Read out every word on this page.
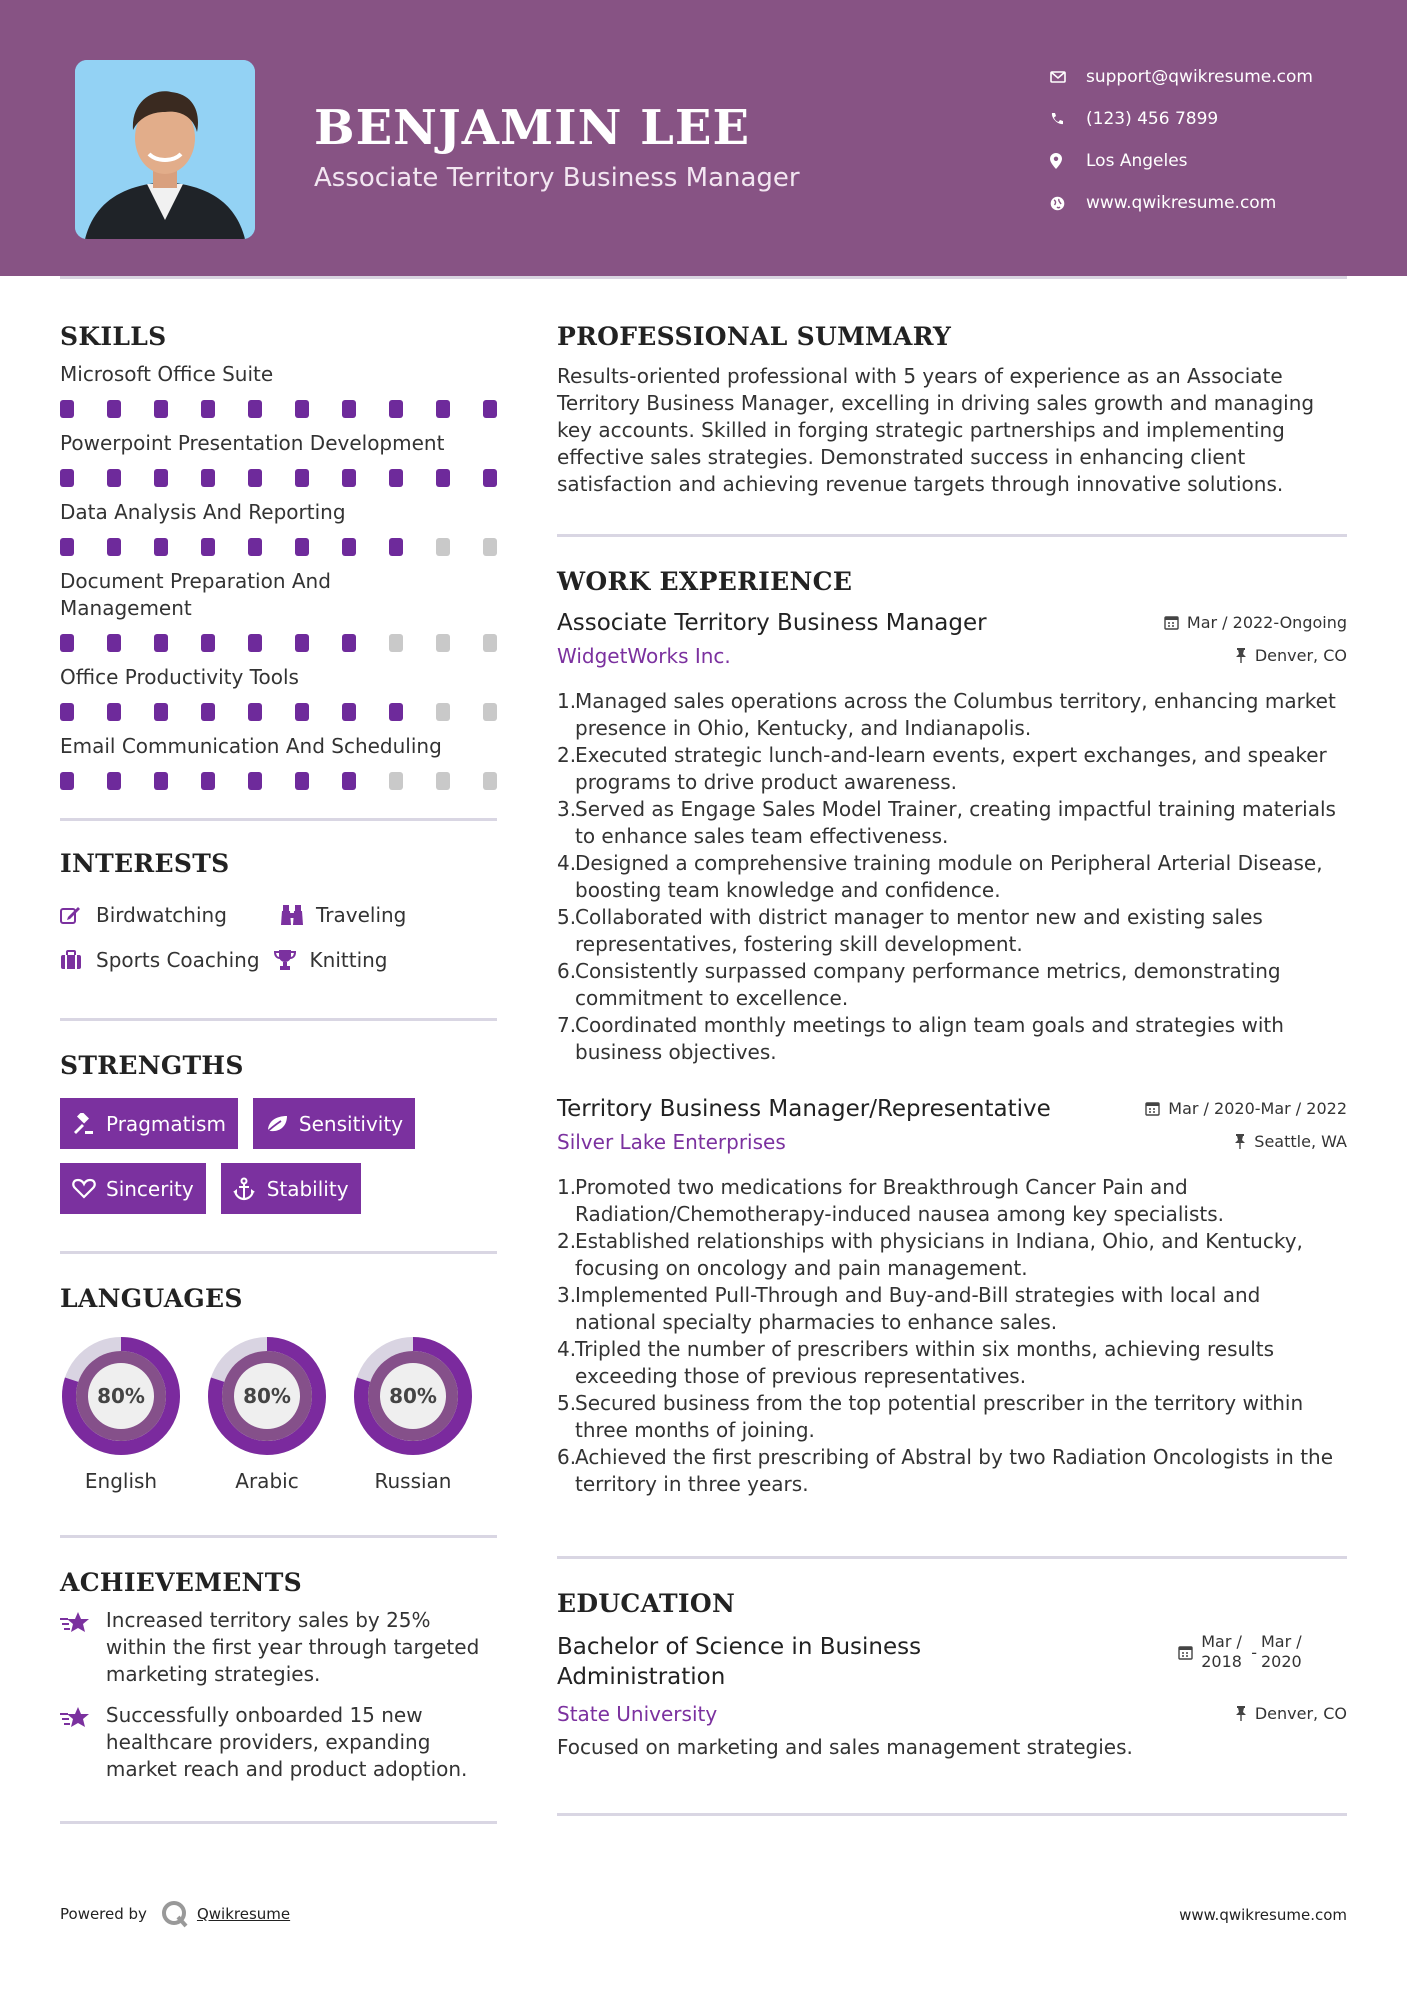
BENJAMIN LEE
Associate Territory Business Manager
support@qwikresume.com
(123) 456 7899
Los Angeles
www.qwikresume.com
SKILLS
Microsoft Office Suite
Powerpoint Presentation Development
Data Analysis And Reporting
Document Preparation And Management
Office Productivity Tools
Email Communication And Scheduling
INTERESTS
Birdwatching	Traveling
Sports Coaching	Knitting
STRENGTHS
Pragmatism	Sensitivity
Sincerity	Stability
LANGUAGES
80%
English
80%
Arabic
80%
Russian
ACHIEVEMENTS
Increased territory sales by 25% within the first year through targeted marketing strategies.
Successfully onboarded 15 new healthcare providers, expanding market reach and product adoption.
PROFESSIONAL SUMMARY
Results-oriented professional with 5 years of experience as an Associate Territory Business Manager, excelling in driving sales growth and managing key accounts. Skilled in forging strategic partnerships and implementing effective sales strategies. Demonstrated success in enhancing client satisfaction and achieving revenue targets through innovative solutions.
WORK EXPERIENCE
Associate Territory Business Manager	Mar / 2022-Ongoing
WidgetWorks Inc.	Denver, CO
1.Managed sales operations across the Columbus territory, enhancing market presence in Ohio, Kentucky, and Indianapolis.
2.Executed strategic lunch-and-learn events, expert exchanges, and speaker programs to drive product awareness.
3.Served as Engage Sales Model Trainer, creating impactful training materials to enhance sales team effectiveness.
4.Designed a comprehensive training module on Peripheral Arterial Disease, boosting team knowledge and confidence.
5.Collaborated with district manager to mentor new and existing sales representatives, fostering skill development.
6.Consistently surpassed company performance metrics, demonstrating commitment to excellence.
7.Coordinated monthly meetings to align team goals and strategies with business objectives.
Territory Business Manager/Representative	Mar / 2020-Mar / 2022
Silver Lake Enterprises	Seattle, WA
1.Promoted two medications for Breakthrough Cancer Pain and Radiation/Chemotherapy-induced nausea among key specialists.
2.Established relationships with physicians in Indiana, Ohio, and Kentucky, focusing on oncology and pain management.
3.Implemented Pull-Through and Buy-and-Bill strategies with local and national specialty pharmacies to enhance sales.
4.Tripled the number of prescribers within six months, achieving results exceeding those of previous representatives.
5.Secured business from the top potential prescriber in the territory within three months of joining.
6.Achieved the first prescribing of Abstral by two Radiation Oncologists in the territory in three years.
EDUCATION
Bachelor of Science in Business Administration
Mar / 2018 -
Mar / 2020
State University	Denver, CO
Focused on marketing and sales management strategies.
Powered by	Qwikresume	www.qwikresume.com
